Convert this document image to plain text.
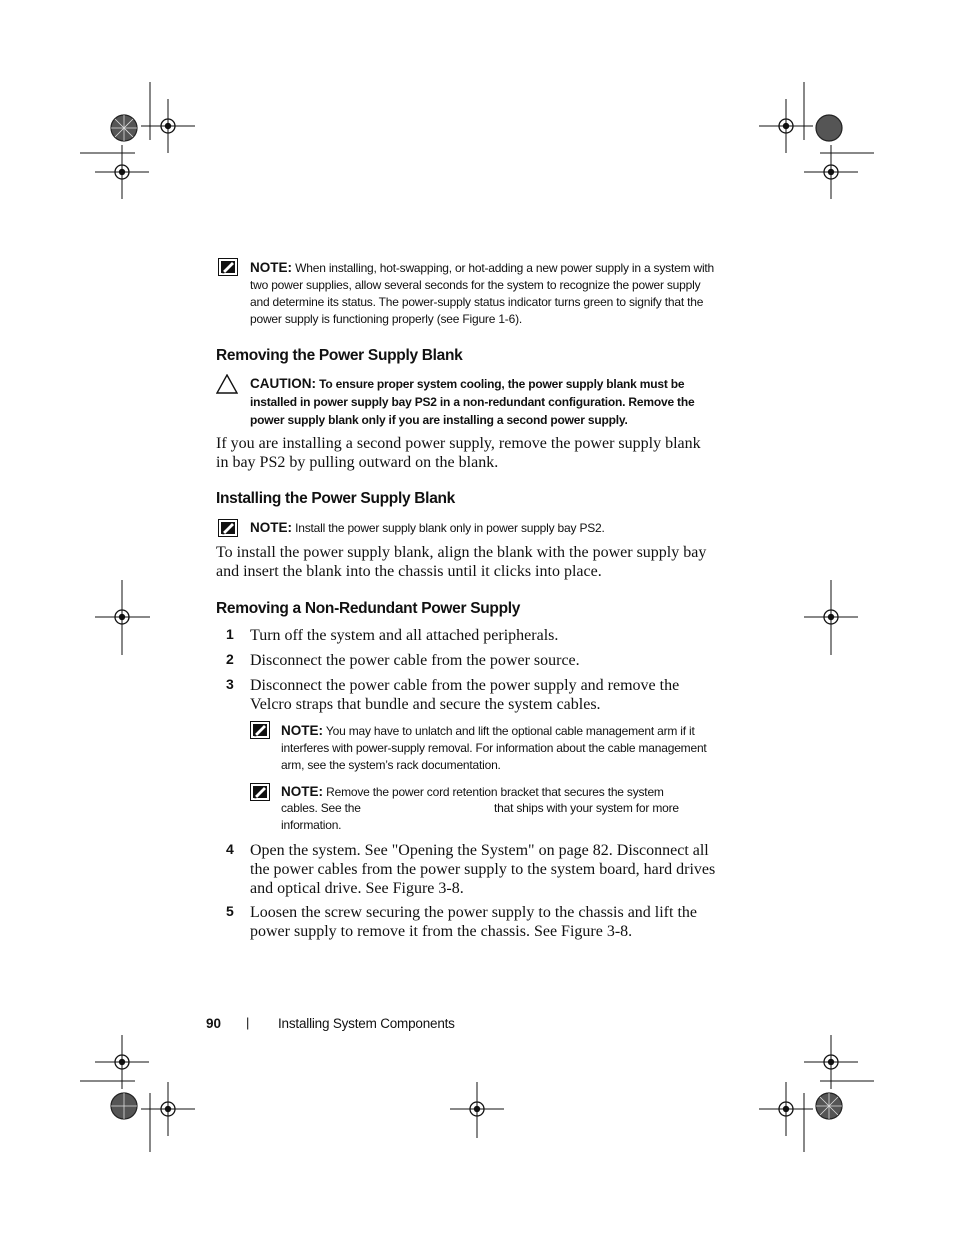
NOTE: When installing, hot-swapping, or hot-adding a new power supply in a system with two power supplies, allow several seconds for the system to recognize the power supply and determine its status. The power-supply status indicator turns green to signify that the power supply is functioning properly (see Figure 1-6).
Removing the Power Supply Blank
CAUTION: To ensure proper system cooling, the power supply blank must be installed in power supply bay PS2 in a non-redundant configuration. Remove the power supply blank only if you are installing a second power supply.
If you are installing a second power supply, remove the power supply blank in bay PS2 by pulling outward on the blank.
Installing the Power Supply Blank
NOTE: Install the power supply blank only in power supply bay PS2.
To install the power supply blank, align the blank with the power supply bay and insert the blank into the chassis until it clicks into place.
Removing a Non-Redundant Power Supply
1 Turn off the system and all attached peripherals.
2 Disconnect the power cable from the power source.
3 Disconnect the power cable from the power supply and remove the Velcro straps that bundle and secure the system cables.
NOTE: You may have to unlatch and lift the optional cable management arm if it interferes with power-supply removal. For information about the cable management arm, see the system’s rack documentation.
NOTE: Remove the power cord retention bracket that secures the system
cables. See the	that ships with your system for more
information.
4 Open the system. See "Opening the System" on page 82. Disconnect all the power cables from the power supply to the system board, hard drives and optical drive. See Figure 3-8.
5 Loosen the screw securing the power supply to the chassis and lift the power supply to remove it from the chassis. See Figure 3-8.
90 | Installing System Components
